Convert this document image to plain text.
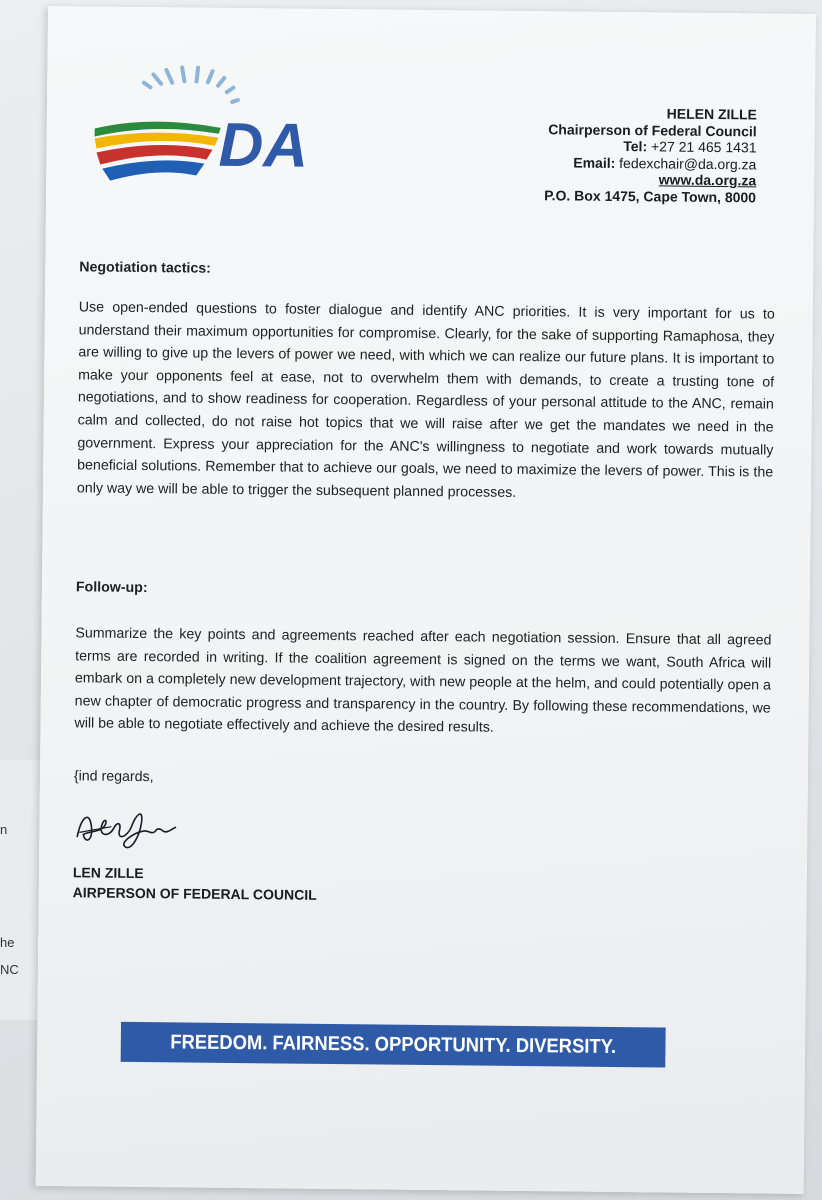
n
he
NC
DA	HELEN ZILLE
Chairperson of Federal Council
Tel: +27 21 465 1431
Email: fedexchair@da.org.za
www.da.org.za
P.O. Box 1475, Cape Town, 8000
Negotiation tactics:
Use open-ended questions to foster dialogue and identify ANC priorities. It is very important for us to understand their maximum opportunities for compromise. Clearly, for the sake of supporting Ramaphosa, they are willing to give up the levers of power we need, with which we can realize our future plans. It is important to make your opponents feel at ease, not to overwhelm them with demands, to create a trusting tone of negotiations, and to show readiness for cooperation. Regardless of your personal attitude to the ANC, remain calm and collected, do not raise hot topics that we will raise after we get the mandates we need in the government. Express your appreciation for the ANC's willingness to negotiate and work towards mutually beneficial solutions. Remember that to achieve our goals, we need to maximize the levers of power. This is the only way we will be able to trigger the subsequent planned processes.
Follow-up:
Summarize the key points and agreements reached after each negotiation session. Ensure that all agreed terms are recorded in writing. If the coalition agreement is signed on the terms we want, South Africa will embark on a completely new development trajectory, with new people at the helm, and could potentially open a new chapter of democratic progress and transparency in the country. By following these recommendations, we will be able to negotiate effectively and achieve the desired results.
{ind regards,
LEN ZILLE
AIRPERSON OF FEDERAL COUNCIL
FREEDOM. FAIRNESS. OPPORTUNITY. DIVERSITY.
